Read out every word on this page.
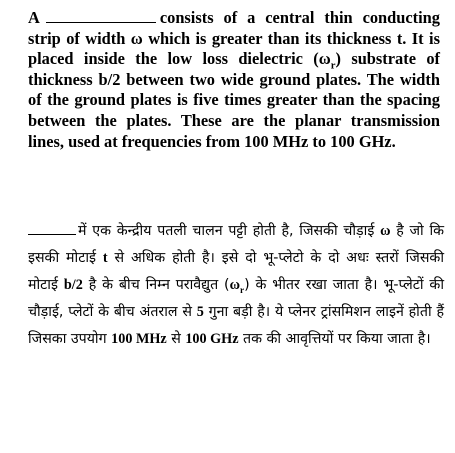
A	consists of a central thin conducting strip of width ω which is greater than its thickness t. It is placed inside the low loss dielectric $(\omega_r)$ substrate of thickness b/2 between two wide ground plates. The width of the ground plates is five times greater than the spacing between the plates. These are the planar transmission lines, used at frequencies from 100 MHz to 100 GHz.

में एक केन्द्रीय पतली चालन पट्टी होती है, जिसकी चौड़ाई ω है जो कि इसकी मोटाई t से अधिक होती है। इसे दो भू-प्लेटो के दो अधः स्तरों जिसकी मोटाई b/2 है के बीच निम्न परावैद्युत $(\omega_r)$ के भीतर रखा जाता है। भू-प्लेटों की चौड़ाई, प्लेटों के बीच अंतराल से 5 गुना बड़ी है। ये प्लेनर ट्रांसमिशन लाइनें होती हैं जिसका उपयोग 100 MHz से 100 GHz तक की आवृत्तियों पर किया जाता है।
